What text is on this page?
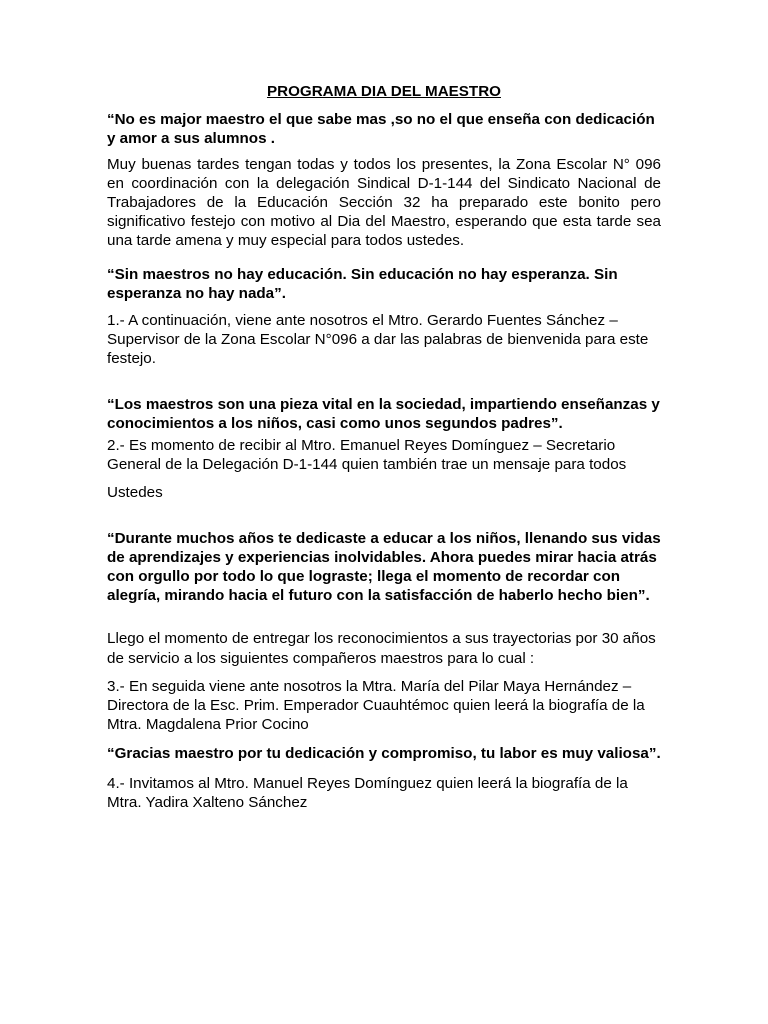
PROGRAMA DIA DEL MAESTRO

“No es major maestro el que sabe mas ,so no el que enseña con dedicación y amor a sus alumnos .

Muy buenas tardes tengan todas y todos los presentes, la Zona Escolar N° 096 en coordinación con la delegación Sindical D-1-144 del Sindicato Nacional de Trabajadores de la Educación Sección 32 ha preparado este bonito pero significativo festejo con motivo al Dia del Maestro, esperando que esta tarde sea una tarde amena y muy especial para todos ustedes.

“Sin maestros no hay educación. Sin educación no hay esperanza. Sin esperanza no hay nada”.

1.- A continuación, viene ante nosotros el Mtro. Gerardo Fuentes Sánchez – Supervisor de la Zona Escolar N°096 a dar las palabras de bienvenida para este festejo.

“Los maestros son una pieza vital en la sociedad, impartiendo enseñanzas y conocimientos a los niños, casi como unos segundos padres”.

2.- Es momento de recibir al Mtro. Emanuel Reyes Domínguez – Secretario General de la Delegación D-1-144 quien también trae un mensaje para todos

Ustedes

“Durante muchos años te dedicaste a educar a los niños, llenando sus vidas de aprendizajes y experiencias inolvidables. Ahora puedes mirar hacia atrás con orgullo por todo lo que lograste; llega el momento de recordar con alegría, mirando hacia el futuro con la satisfacción de haberlo hecho bien”.

Llego el momento de entregar los reconocimientos a sus trayectorias por 30 años de servicio a los siguientes compañeros maestros para lo cual :

3.- En seguida viene ante nosotros la Mtra. María del Pilar Maya Hernández – Directora de la Esc. Prim. Emperador Cuauhtémoc quien leerá la biografía de la Mtra. Magdalena Prior Cocino

“Gracias maestro por tu dedicación y compromiso, tu labor es muy valiosa”.

4.- Invitamos al Mtro. Manuel Reyes Domínguez quien leerá la biografía de la Mtra. Yadira Xalteno Sánchez
